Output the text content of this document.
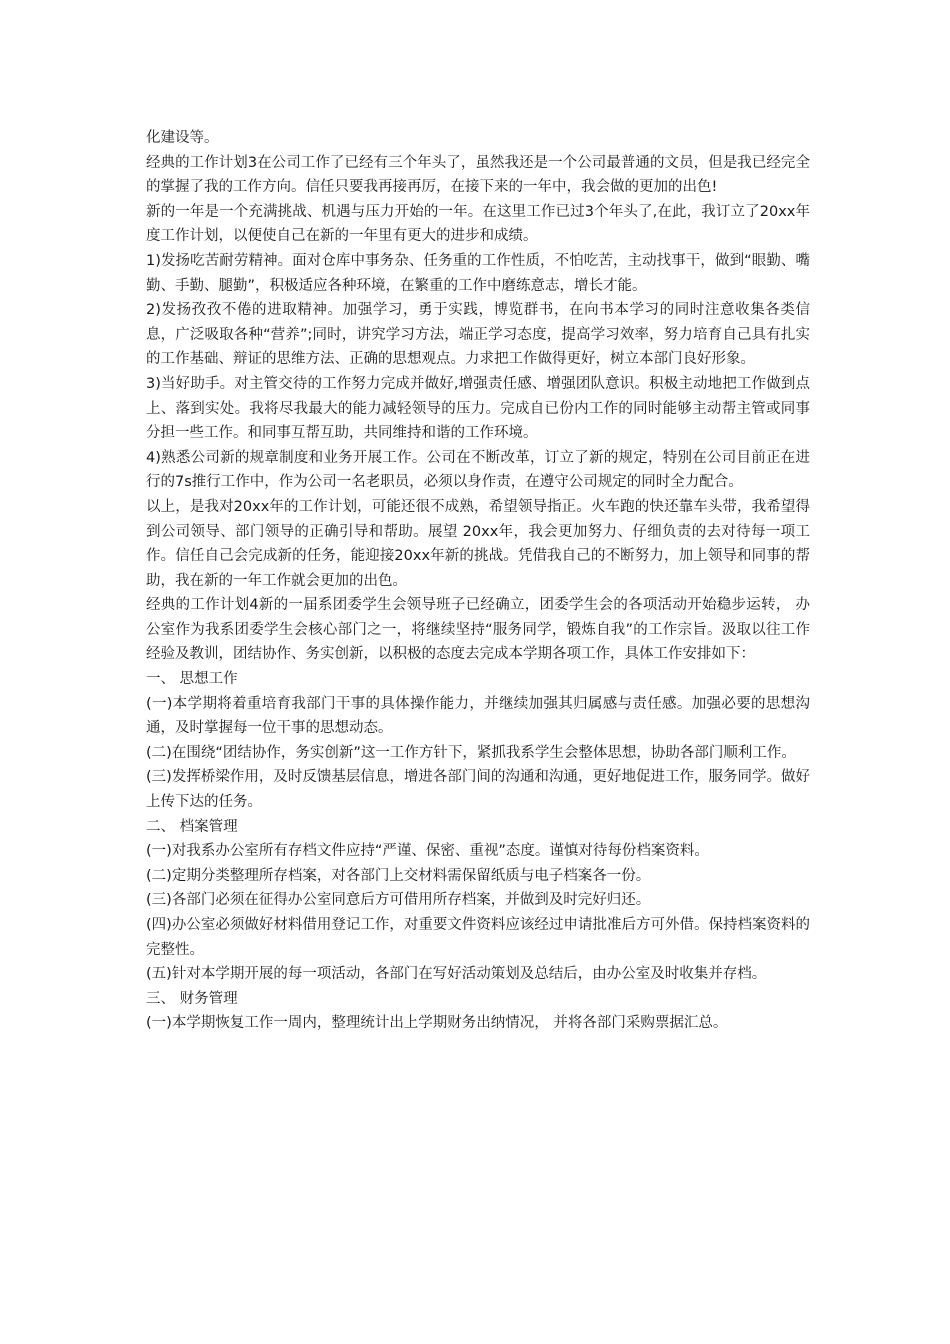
化建设等。

经典的工作计划3在公司工作了已经有三个年头了，虽然我还是一个公司最普通的文员，但是我已经完全的掌握了我的工作方向。信任只要我再接再厉，在接下来的一年中，我会做的更加的出色!

新的一年是一个充满挑战、机遇与压力开始的一年。在这里工作已过3个年头了,在此，我订立了20xx年度工作计划，以便使自己在新的一年里有更大的进步和成绩。

1)发扬吃苦耐劳精神。面对仓库中事务杂、任务重的工作性质，不怕吃苦，主动找事干，做到“眼勤、嘴勤、手勤、腿勤”，积极适应各种环境，在繁重的工作中磨练意志，增长才能。

2)发扬孜孜不倦的进取精神。加强学习，勇于实践，博览群书，在向书本学习的同时注意收集各类信息，广泛吸取各种“营养”;同时，讲究学习方法，端正学习态度，提高学习效率，努力培育自己具有扎实的工作基础、辩证的思维方法、正确的思想观点。力求把工作做得更好，树立本部门良好形象。

3)当好助手。对主管交待的工作努力完成并做好,增强责任感、增强团队意识。积极主动地把工作做到点上、落到实处。我将尽我最大的能力减轻领导的压力。完成自已份内工作的同时能够主动帮主管或同事分担一些工作。和同事互帮互助，共同维持和谐的工作环境。

4)熟悉公司新的规章制度和业务开展工作。公司在不断改革，订立了新的规定，特别在公司目前正在进行的7s推行工作中，作为公司一名老职员，必须以身作责，在遵守公司规定的同时全力配合。

以上，是我对20xx年的工作计划，可能还很不成熟，希望领导指正。火车跑的快还靠车头带，我希望得到公司领导、部门领导的正确引导和帮助。展望 20xx年，我会更加努力、仔细负责的去对待每一项工作。信任自己会完成新的任务，能迎接20xx年新的挑战。凭借我自己的不断努力，加上领导和同事的帮助，我在新的一年工作就会更加的出色。

经典的工作计划4新的一届系团委学生会领导班子已经确立，团委学生会的各项活动开始稳步运转， 办公室作为我系团委学生会核心部门之一，将继续坚持“服务同学，锻炼自我”的工作宗旨。汲取以往工作经验及教训，团结协作、务实创新，以积极的态度去完成本学期各项工作，具体工作安排如下：

一、 思想工作

(一)本学期将着重培育我部门干事的具体操作能力，并继续加强其归属感与责任感。加强必要的思想沟通，及时掌握每一位干事的思想动态。

(二)在围绕“团结协作，务实创新”这一工作方针下，紧抓我系学生会整体思想，协助各部门顺利工作。

(三)发挥桥梁作用，及时反馈基层信息，增进各部门间的沟通和沟通，更好地促进工作，服务同学。做好上传下达的任务。

二、 档案管理

(一)对我系办公室所有存档文件应持“严谨、保密、重视”态度。谨慎对待每份档案资料。

(二)定期分类整理所存档案，对各部门上交材料需保留纸质与电子档案各一份。

(三)各部门必须在征得办公室同意后方可借用所存档案，并做到及时完好归还。

(四)办公室必须做好材料借用登记工作，对重要文件资料应该经过申请批准后方可外借。保持档案资料的完整性。

(五)针对本学期开展的每一项活动，各部门在写好活动策划及总结后，由办公室及时收集并存档。

三、 财务管理

(一)本学期恢复工作一周内，整理统计出上学期财务出纳情况， 并将各部门采购票据汇总。
